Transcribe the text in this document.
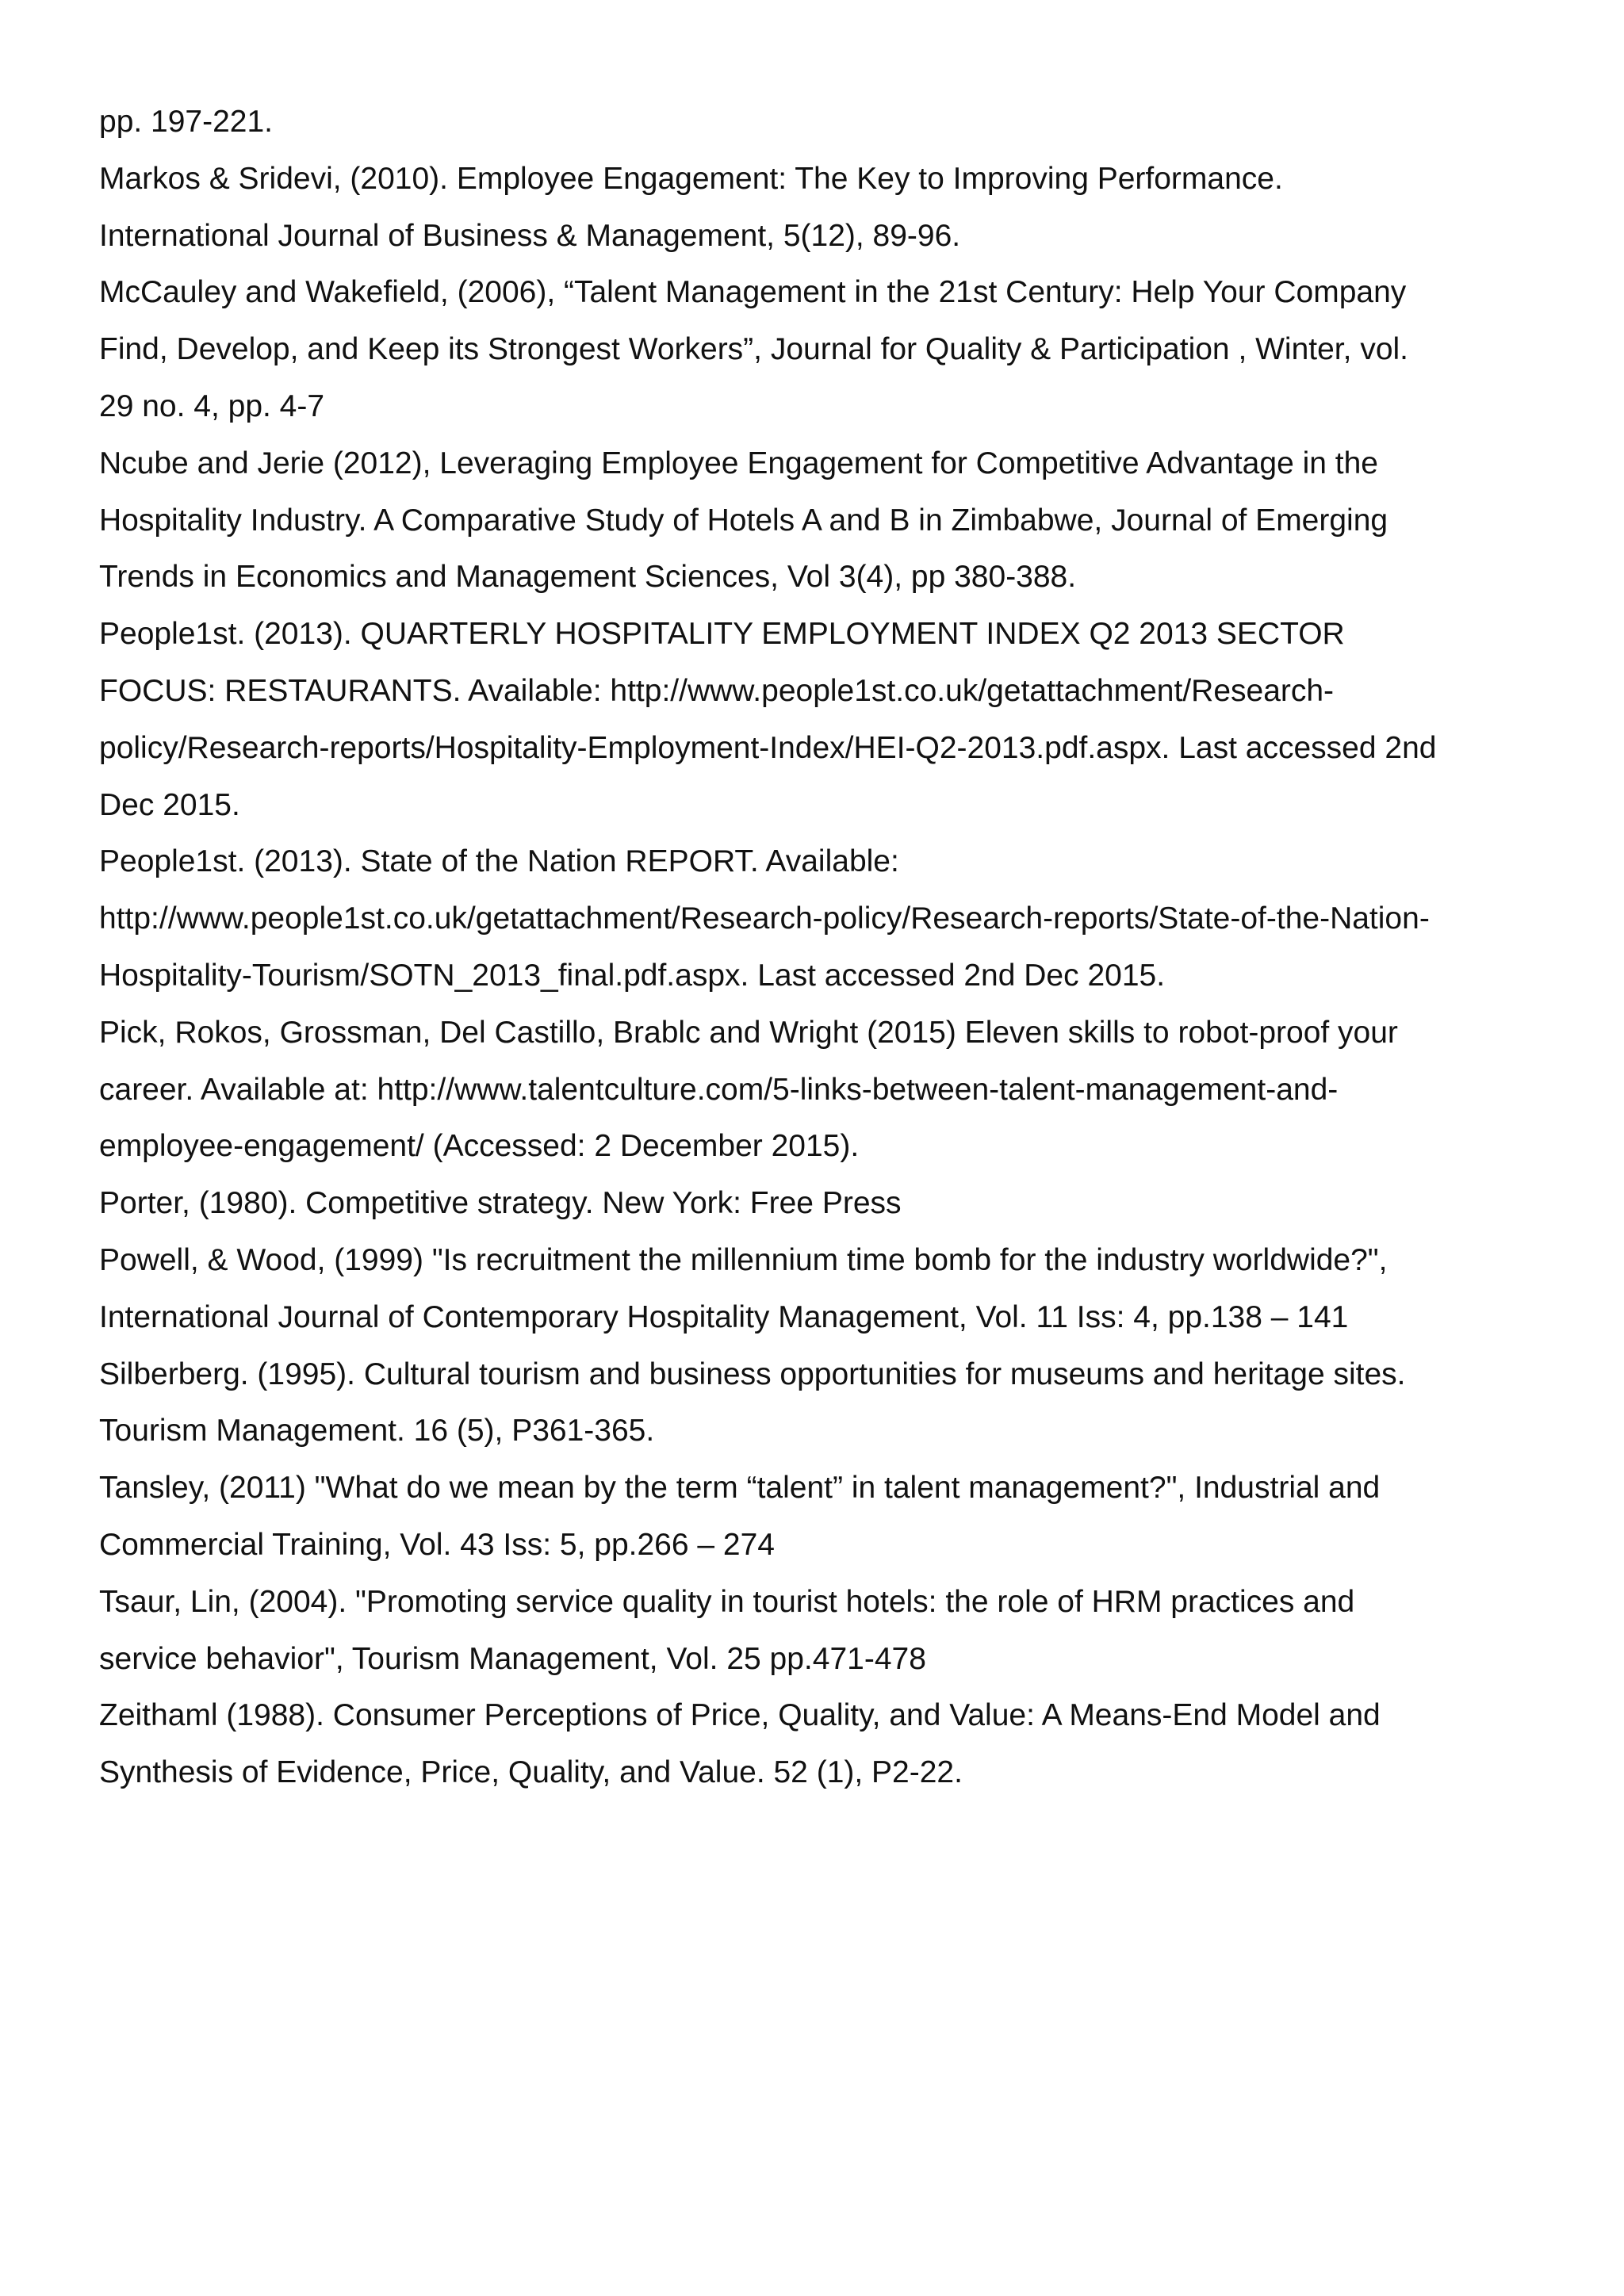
pp. 197-221.
Markos & Sridevi, (2010). Employee Engagement: The Key to Improving Performance.
International Journal of Business & Management, 5(12), 89-96.
McCauley and Wakefield, (2006), “Talent Management in the 21st Century: Help Your Company
Find, Develop, and Keep its Strongest Workers”, Journal for Quality & Participation , Winter, vol.
29 no. 4, pp. 4-7
Ncube and Jerie (2012), Leveraging Employee Engagement for Competitive Advantage in the
Hospitality Industry. A Comparative Study of Hotels A and B in Zimbabwe, Journal of Emerging
Trends in Economics and Management Sciences, Vol 3(4), pp 380-388.
People1st. (2013). QUARTERLY HOSPITALITY EMPLOYMENT INDEX Q2 2013 SECTOR
FOCUS: RESTAURANTS. Available: http://www.people1st.co.uk/getattachment/Research-
policy/Research-reports/Hospitality-Employment-Index/HEI-Q2-2013.pdf.aspx. Last accessed 2nd
Dec 2015.
People1st. (2013). State of the Nation REPORT. Available:
http://www.people1st.co.uk/getattachment/Research-policy/Research-reports/State-of-the-Nation-
Hospitality-Tourism/SOTN_2013_final.pdf.aspx. Last accessed 2nd Dec 2015.
Pick, Rokos, Grossman, Del Castillo, Brablc and Wright (2015) Eleven skills to robot-proof your
career. Available at: http://www.talentculture.com/5-links-between-talent-management-and-
employee-engagement/ (Accessed: 2 December 2015).
Porter, (1980). Competitive strategy. New York: Free Press
Powell, & Wood, (1999) "Is recruitment the millennium time bomb for the industry worldwide?",
International Journal of Contemporary Hospitality Management, Vol. 11 Iss: 4, pp.138 – 141
Silberberg. (1995). Cultural tourism and business opportunities for museums and heritage sites.
Tourism Management. 16 (5), P361-365.
Tansley, (2011) "What do we mean by the term “talent” in talent management?", Industrial and
Commercial Training, Vol. 43 Iss: 5, pp.266 – 274
Tsaur, Lin, (2004). "Promoting service quality in tourist hotels: the role of HRM practices and
service behavior", Tourism Management, Vol. 25 pp.471-478
Zeithaml (1988). Consumer Perceptions of Price, Quality, and Value: A Means-End Model and
Synthesis of Evidence, Price, Quality, and Value. 52 (1), P2-22.
